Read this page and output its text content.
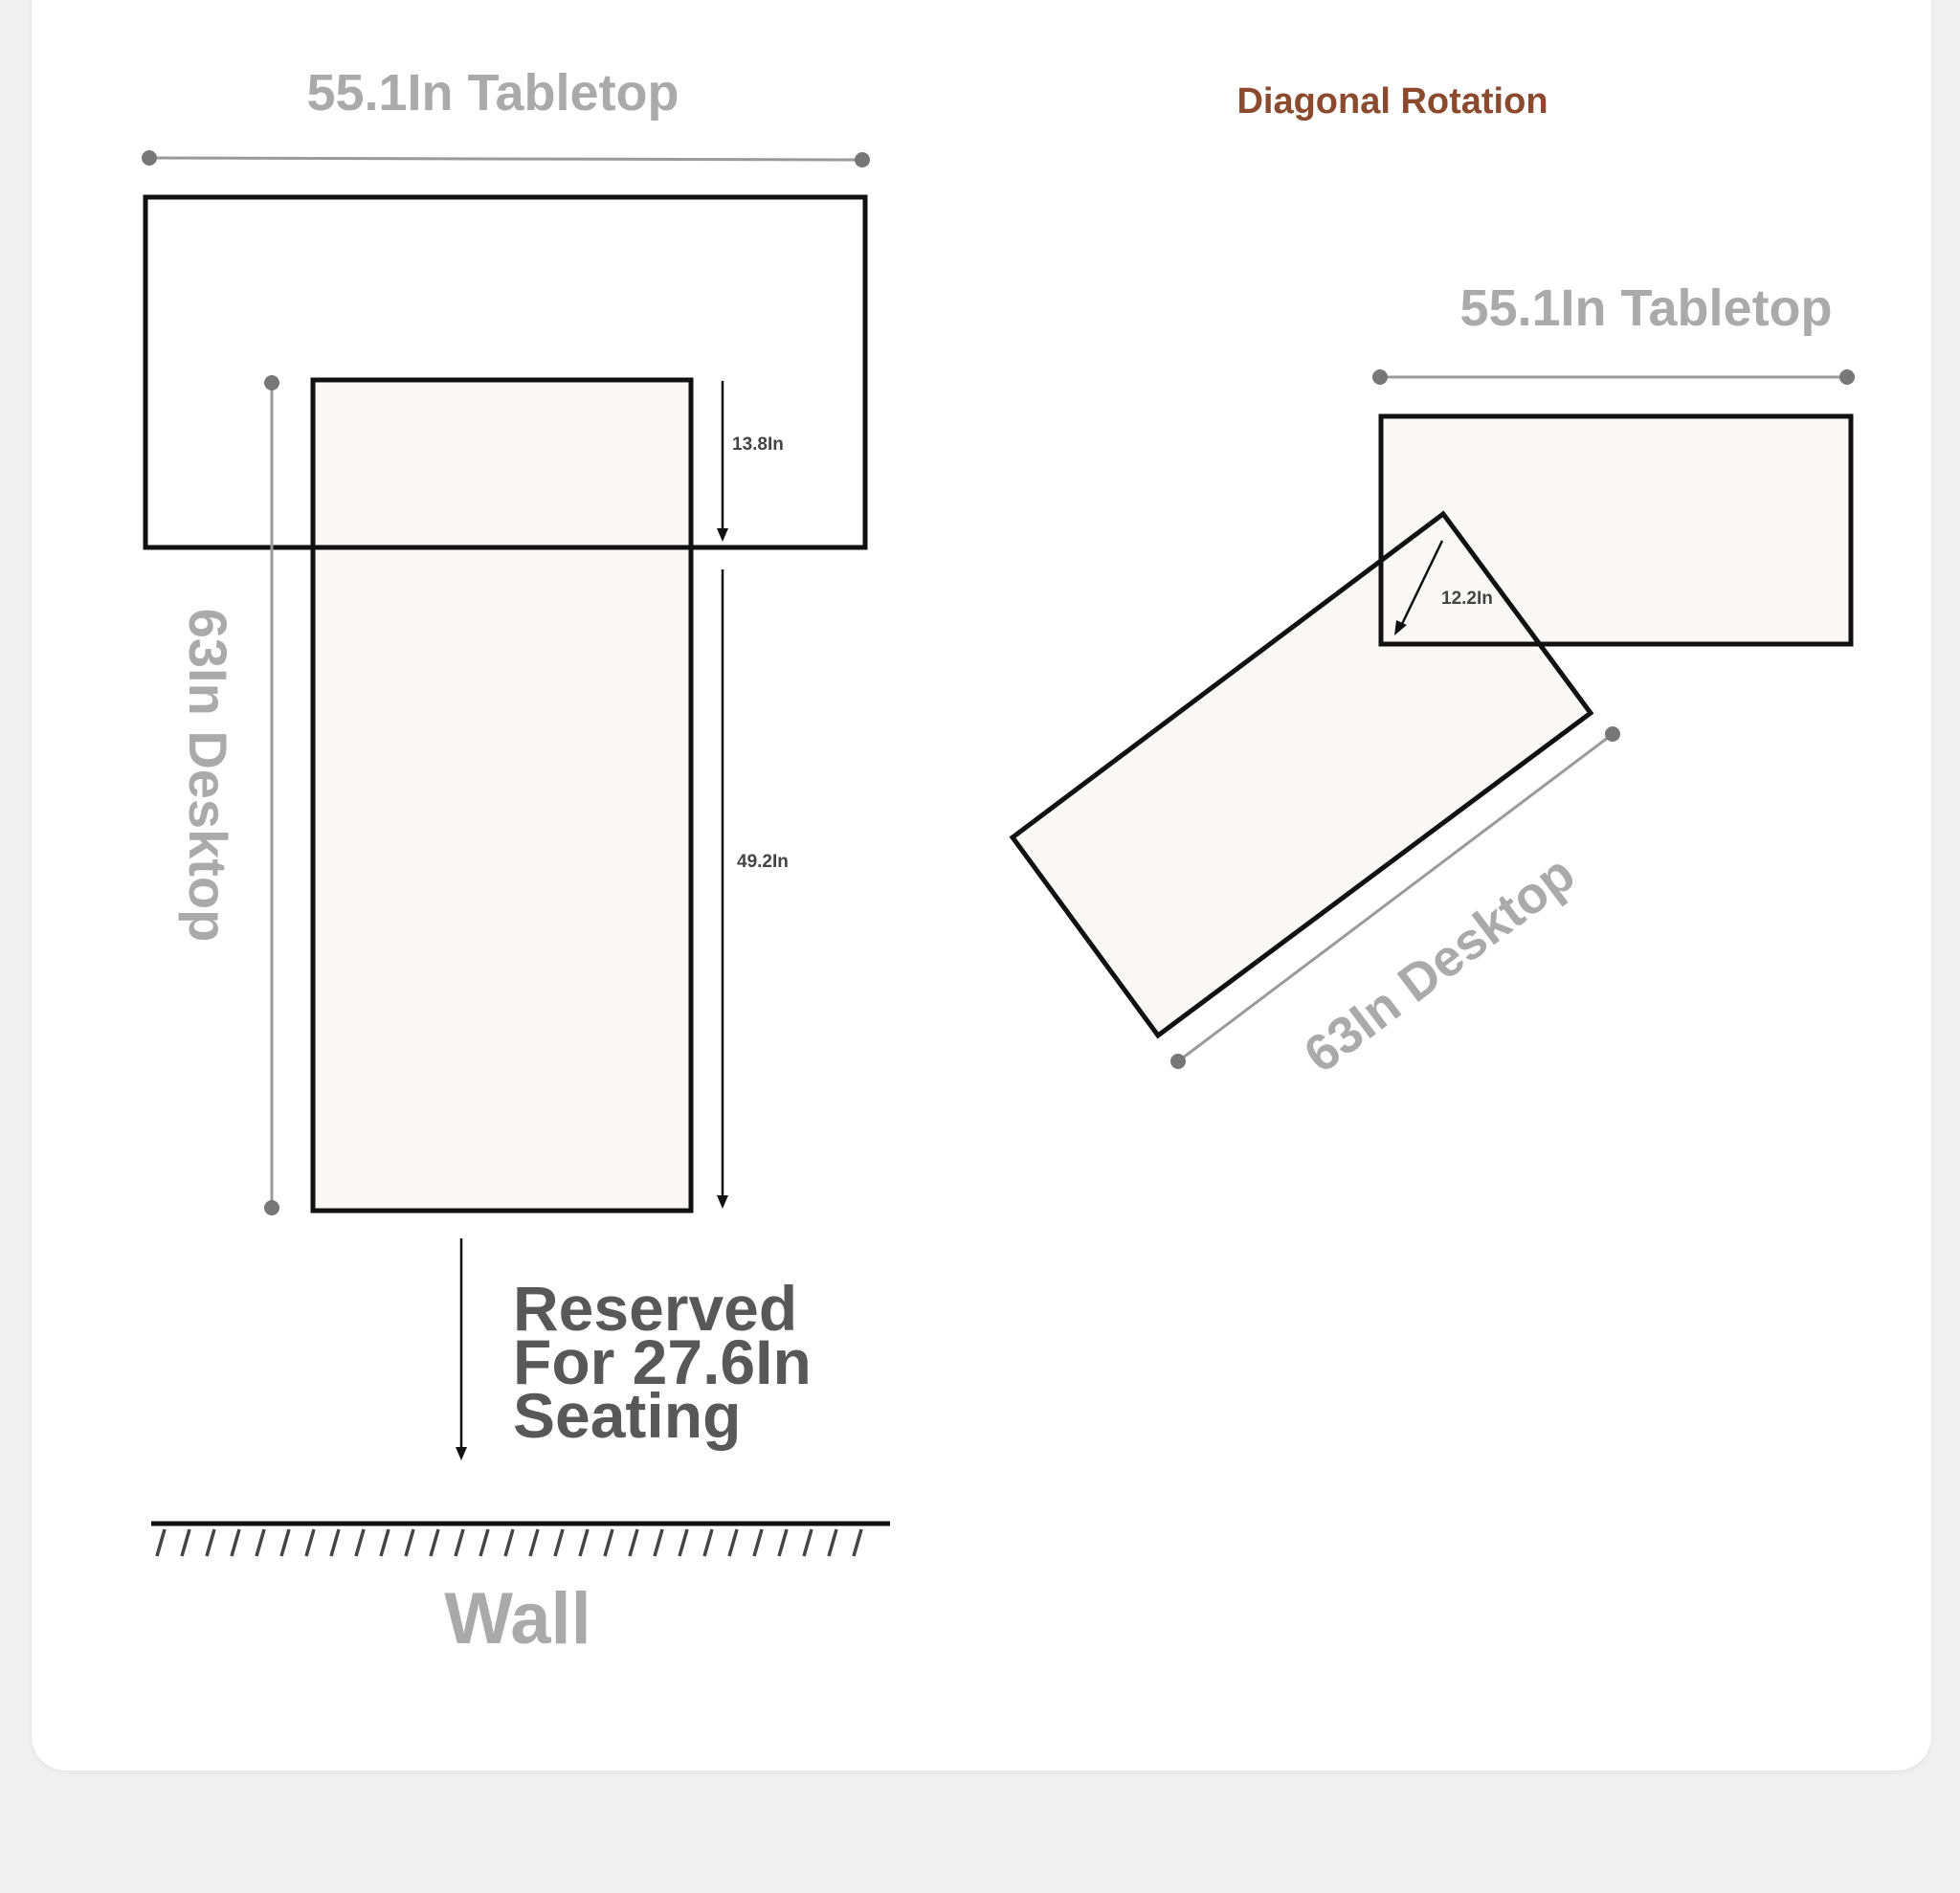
55.1In Tabletop
63In Desktop
13.8In
49.2In
Reserved
For 27.6In
Seating
Wall
Diagonal Rotation
55.1In Tabletop
12.2In
63In Desktop
